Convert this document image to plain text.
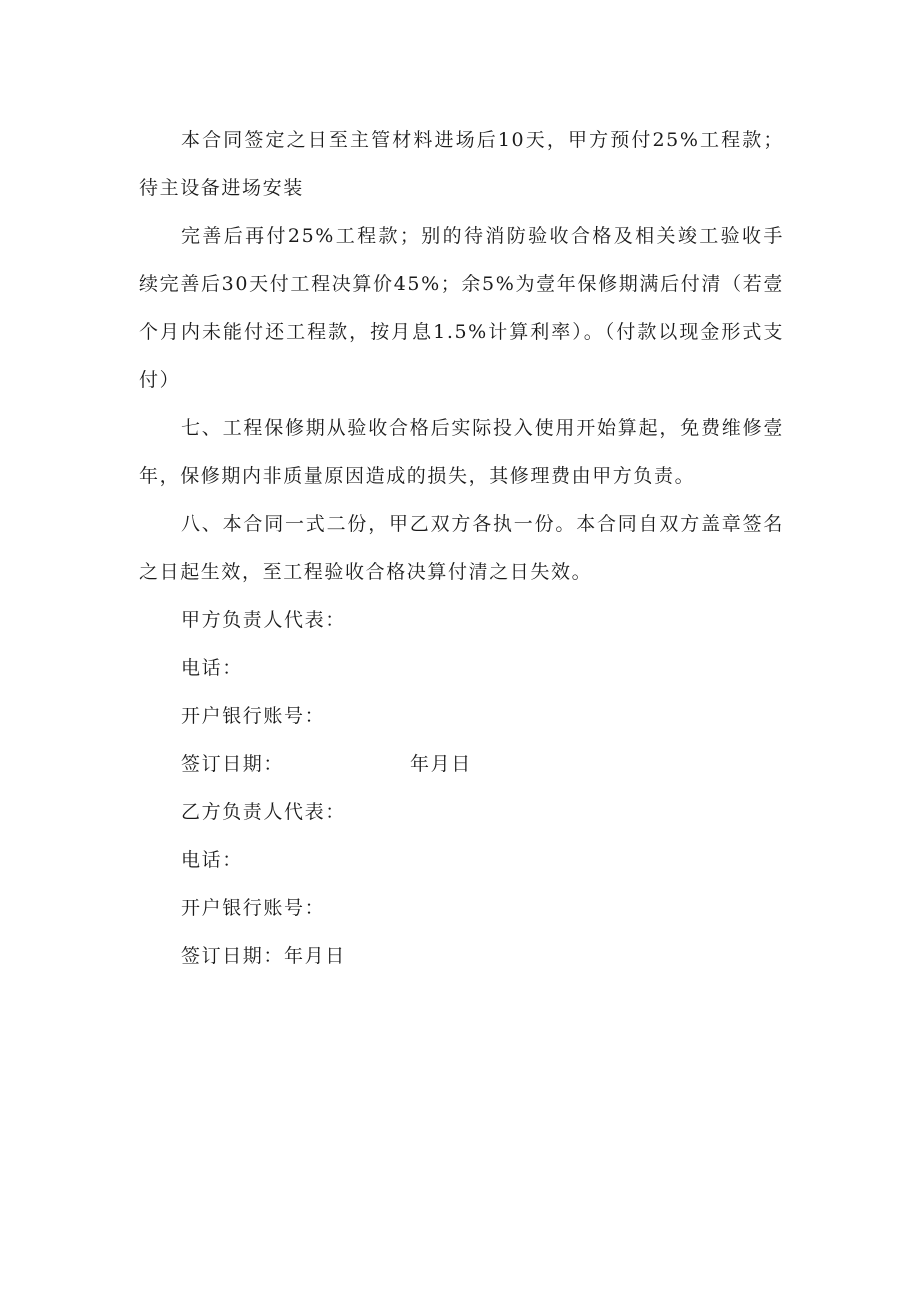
本合同签定之日至主管材料进场后10天，甲方预付25%工程款；待主设备进场安装

完善后再付25%工程款；别的待消防验收合格及相关竣工验收手续完善后30天付工程决算价45%；余5%为壹年保修期满后付清（若壹个月内未能付还工程款，按月息1.5%计算利率）。（付款以现金形式支付）

七、工程保修期从验收合格后实际投入使用开始算起，免费维修壹年，保修期内非质量原因造成的损失，其修理费由甲方负责。

八、本合同一式二份，甲乙双方各执一份。本合同自双方盖章签名之日起生效，至工程验收合格决算付清之日失效。

甲方负责人代表：

电话：

开户银行账号：

签订日期：	年月日

乙方负责人代表：

电话：

开户银行账号：

签订日期：年月日
